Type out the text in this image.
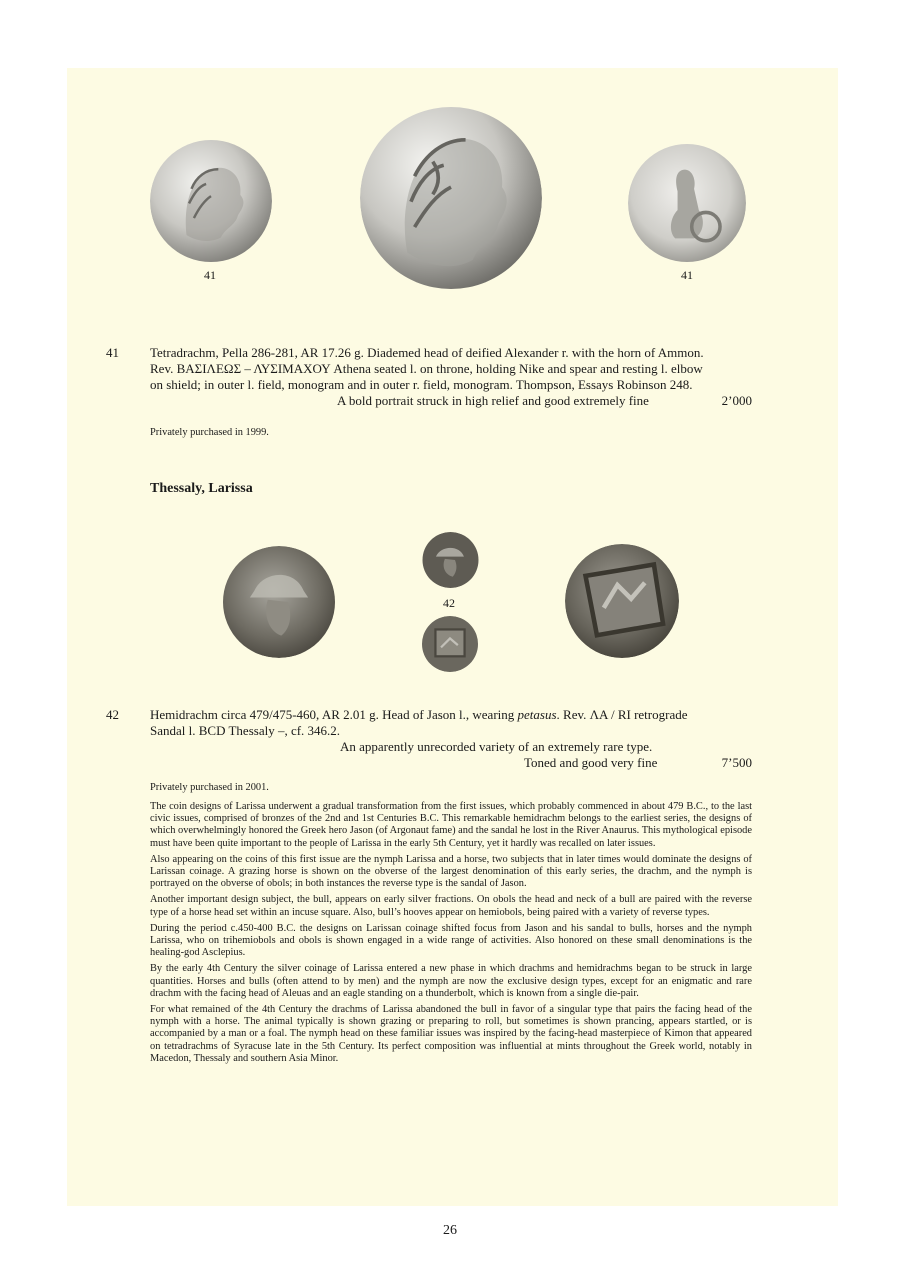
41	41
41 Tetradrachm, Pella 286-281, AR 17.26 g. Diademed head of deified Alexander r. with the horn of Ammon.
Rev. ΒΑΣΙΛΕΩΣ – ΛΥΣΙΜΑΧΟΥ Athena seated l. on throne, holding Nike and spear and resting l. elbow
on shield; in outer l. field, monogram and in outer r. field, monogram. Thompson, Essays Robinson 248.
A bold portrait struck in high relief and good extremely fine	2’000
Privately purchased in 1999.
Thessaly, Larissa
42
42 Hemidrachm circa 479/475-460, AR 2.01 g. Head of Jason l., wearing petasus. Rev. ΛΑ / RI retrograde
Sandal l. BCD Thessaly –, cf. 346.2.
An apparently unrecorded variety of an extremely rare type.
Toned and good very fine	7’500
Privately purchased in 2001.

The coin designs of Larissa underwent a gradual transformation from the first issues, which probably commenced in about 479 B.C., to the last civic issues, comprised of bronzes of the 2nd and 1st Centuries B.C. This remarkable hemidrachm belongs to the earliest series, the designs of which overwhelmingly honored the Greek hero Jason (of Argonaut fame) and the sandal he lost in the River Anaurus. This mythological episode must have been quite important to the people of Larissa in the early 5th Century, yet it hardly was recalled on later issues.

Also appearing on the coins of this first issue are the nymph Larissa and a horse, two subjects that in later times would dominate the designs of Larissan coinage. A grazing horse is shown on the obverse of the largest denomination of this early series, the drachm, and the nymph is portrayed on the obverse of obols; in both instances the reverse type is the sandal of Jason.

Another important design subject, the bull, appears on early silver fractions. On obols the head and neck of a bull are paired with the reverse type of a horse head set within an incuse square. Also, bull’s hooves appear on hemiobols, being paired with a variety of reverse types.

During the period c.450-400 B.C. the designs on Larissan coinage shifted focus from Jason and his sandal to bulls, horses and the nymph Larissa, who on trihemiobols and obols is shown engaged in a wide range of activities. Also honored on these small denominations is the healing-god Asclepius.

By the early 4th Century the silver coinage of Larissa entered a new phase in which drachms and hemidrachms began to be struck in large quantities. Horses and bulls (often attend to by men) and the nymph are now the exclusive design types, except for an enigmatic and rare drachm with the facing head of Aleuas and an eagle standing on a thunderbolt, which is known from a single die-pair.

For what remained of the 4th Century the drachms of Larissa abandoned the bull in favor of a singular type that pairs the facing head of the nymph with a horse. The animal typically is shown grazing or preparing to roll, but sometimes is shown prancing, appears startled, or is accompanied by a man or a foal. The nymph head on these familiar issues was inspired by the facing-head masterpiece of Kimon that appeared on tetradrachms of Syracuse late in the 5th Century. Its perfect composition was influential at mints throughout the Greek world, notably in Macedon, Thessaly and southern Asia Minor.

26
